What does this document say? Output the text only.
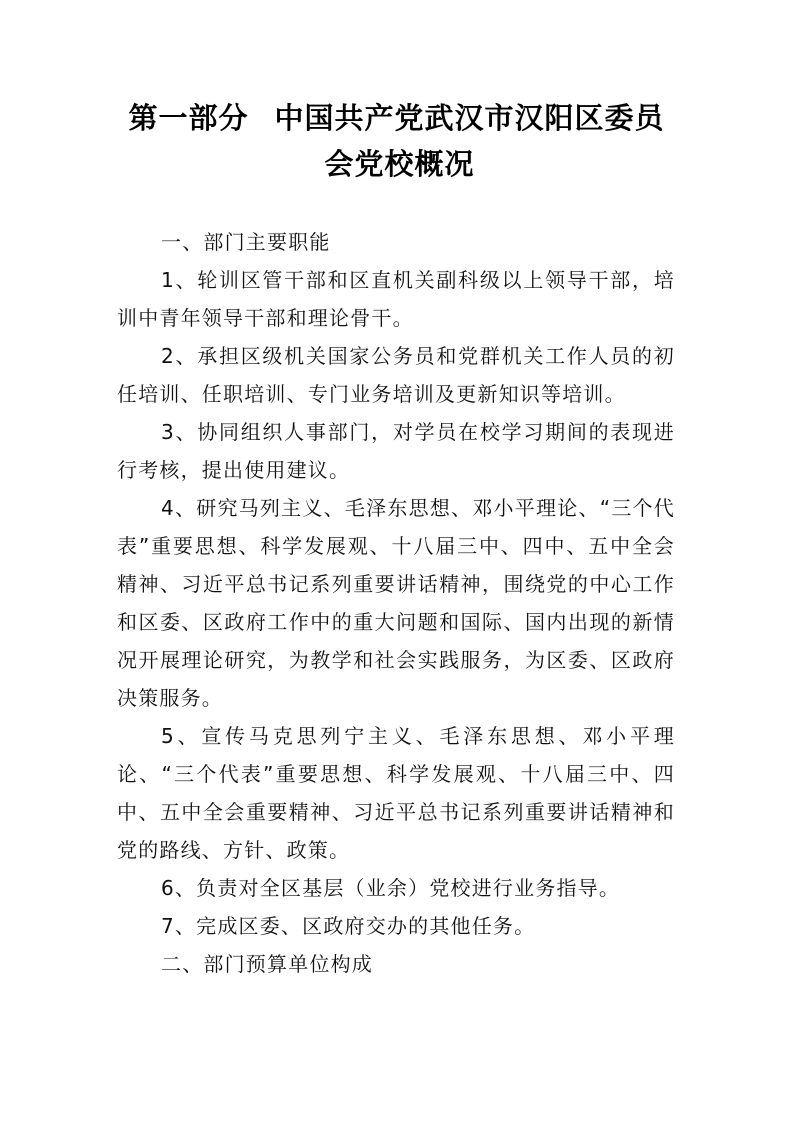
第一部分 中国共产党武汉市汉阳区委员
会党校概况

一、部门主要职能

1、轮训区管干部和区直机关副科级以上领导干部，培训中青年领导干部和理论骨干。

2、承担区级机关国家公务员和党群机关工作人员的初任培训、任职培训、专门业务培训及更新知识等培训。

3、协同组织人事部门，对学员在校学习期间的表现进行考核，提出使用建议。

4、研究马列主义、毛泽东思想、邓小平理论、“三个代表”重要思想、科学发展观、十八届三中、四中、五中全会精神、习近平总书记系列重要讲话精神，围绕党的中心工作和区委、区政府工作中的重大问题和国际、国内出现的新情况开展理论研究，为教学和社会实践服务，为区委、区政府决策服务。

5、宣传马克思列宁主义、毛泽东思想、邓小平理论、“三个代表”重要思想、科学发展观、十八届三中、四中、五中全会重要精神、习近平总书记系列重要讲话精神和党的路线、方针、政策。

6、负责对全区基层（业余）党校进行业务指导。

7、完成区委、区政府交办的其他任务。

二、部门预算单位构成
